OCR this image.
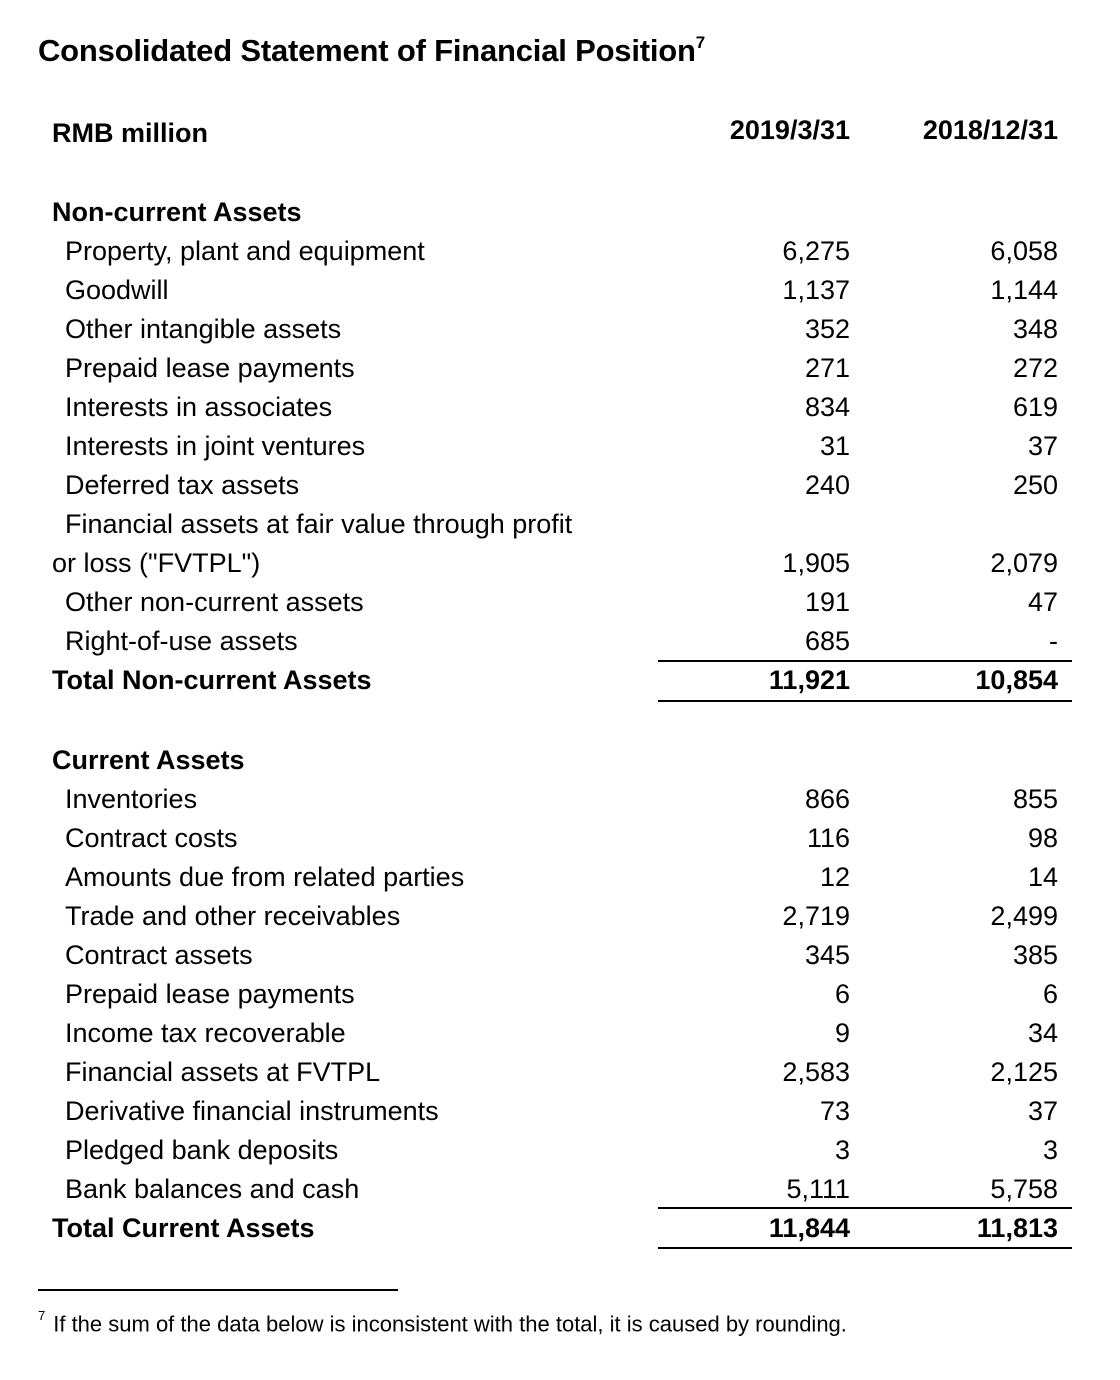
Consolidated Statement of Financial Position$^7$
RMB million	2019/3/31	2018/12/31
Non-current Assets
Property, plant and equipment	6,275	6,058
Goodwill	1,137	1,144
Other intangible assets	352	348
Prepaid lease payments	271	272
Interests in associates	834	619
Interests in joint ventures	31	37
Deferred tax assets	240	250
Financial assets at fair value through profit
or loss ("FVTPL")	1,905	2,079
Other non-current assets	191	47
Right-of-use assets	685	-
Total Non-current Assets	11,921	10,854
Current Assets
Inventories	866	855
Contract costs	116	98
Amounts due from related parties	12	14
Trade and other receivables	2,719	2,499
Contract assets	345	385
Prepaid lease payments	6	6
Income tax recoverable	9	34
Financial assets at FVTPL	2,583	2,125
Derivative financial instruments	73	37
Pledged bank deposits	3	3
Bank balances and cash	5,111	5,758
Total Current Assets	11,844	11,813
$^7$ If the sum of the data below is inconsistent with the total, it is caused by rounding.
